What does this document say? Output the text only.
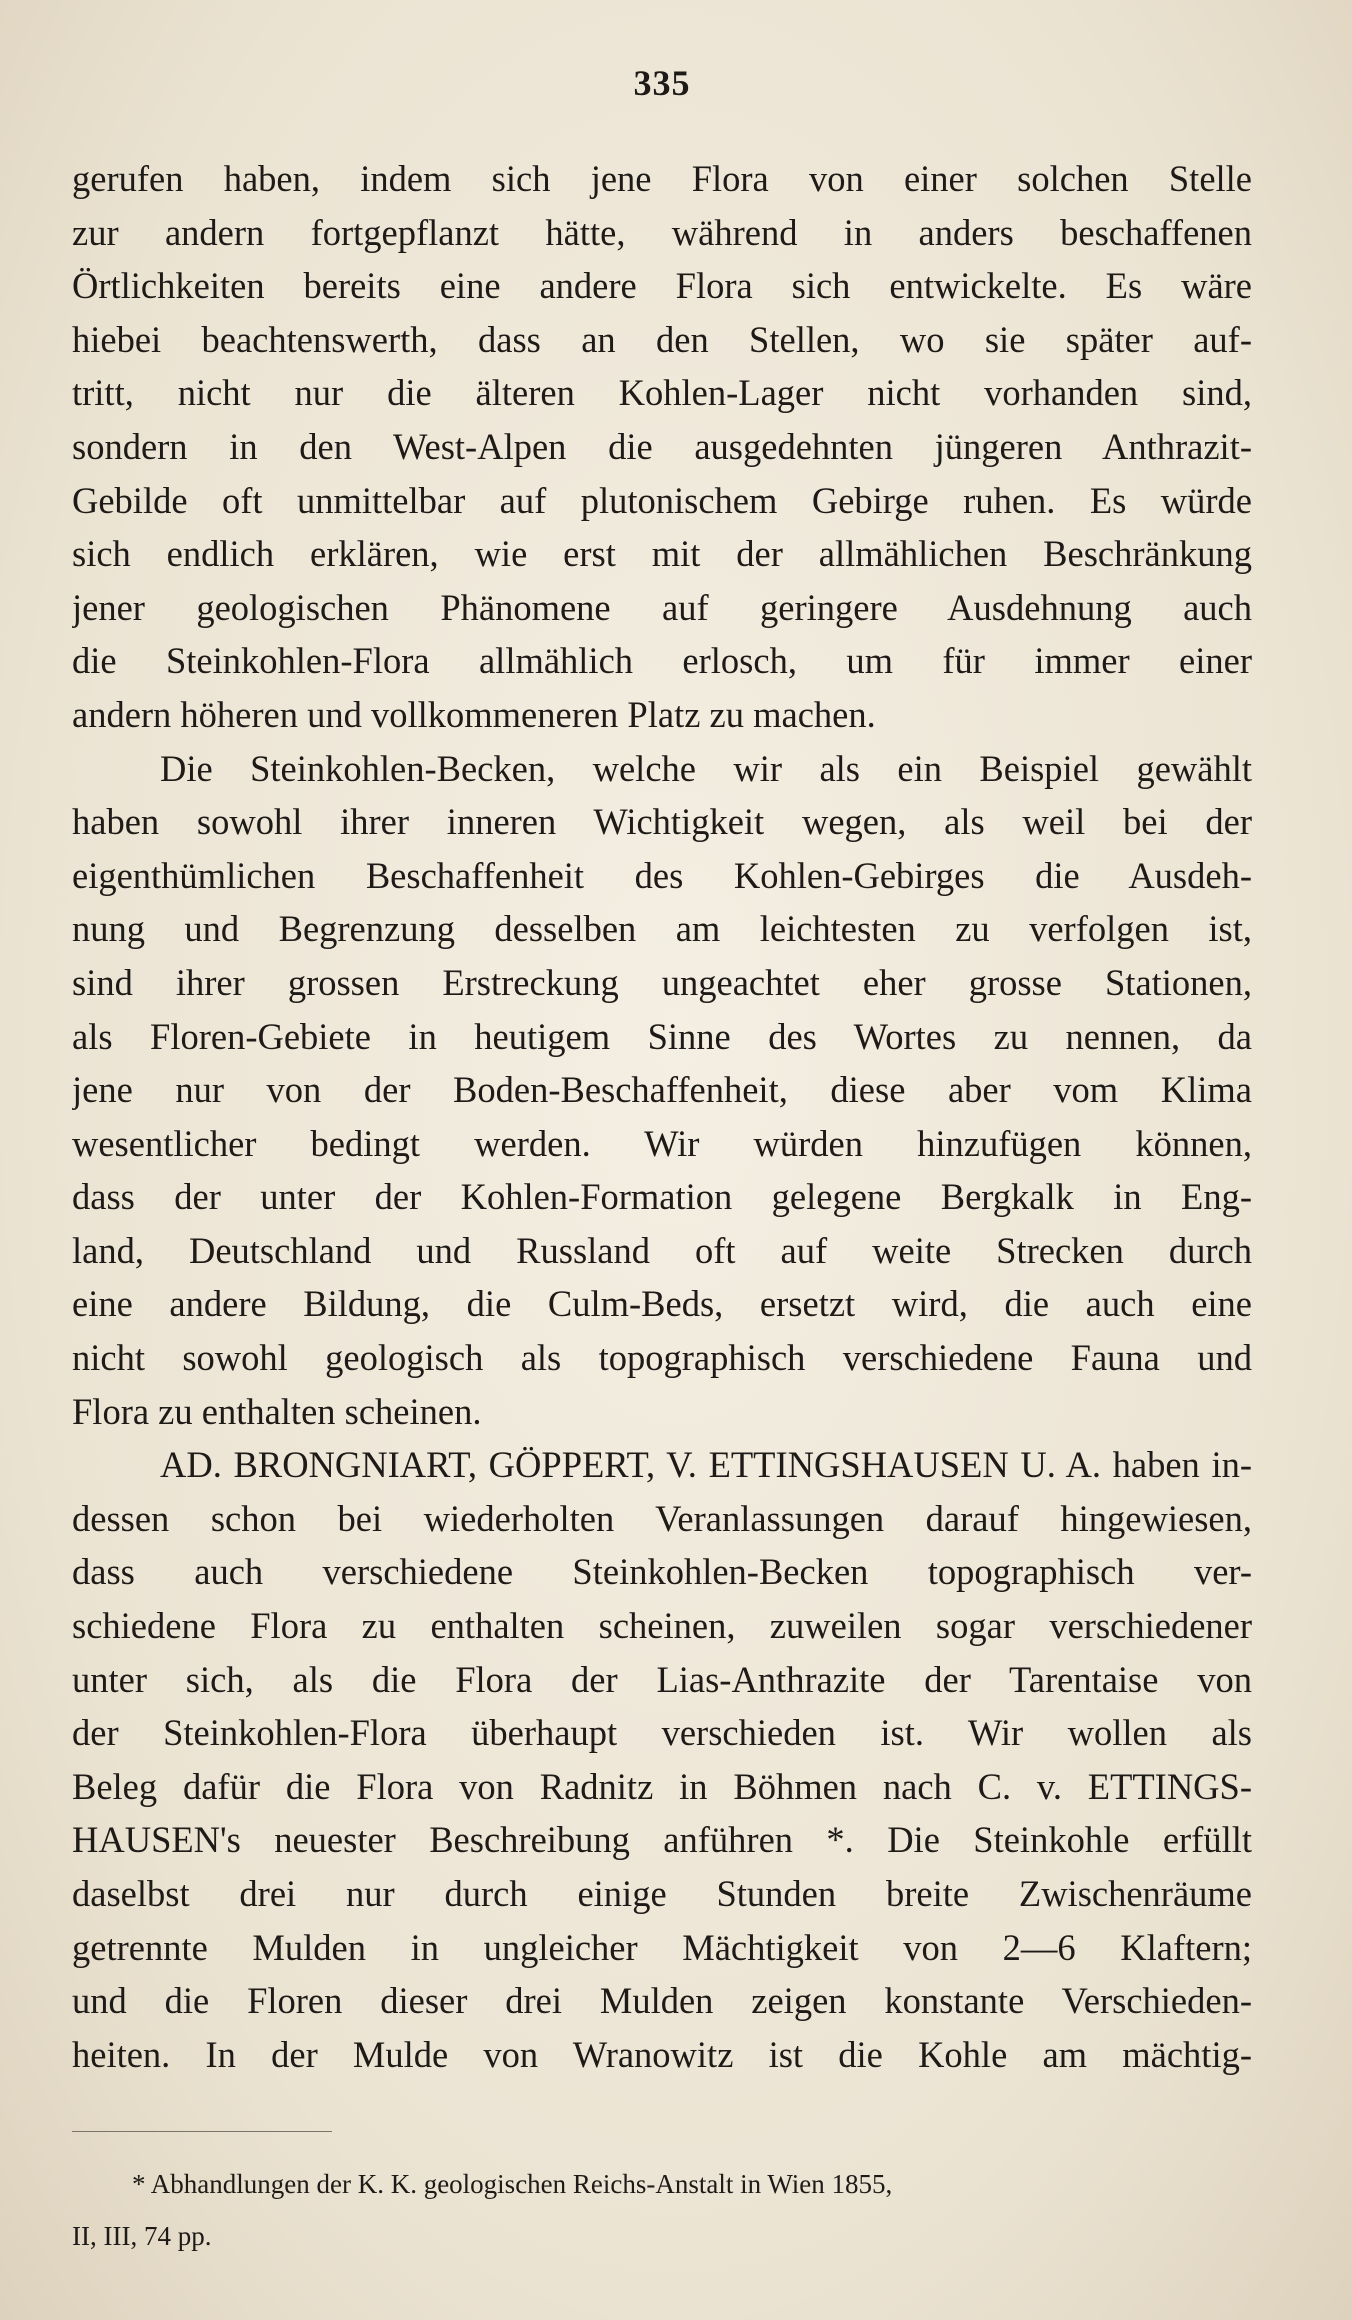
335
gerufen haben, indem sich jene Flora von einer solchen Stelle
zur andern fortgepflanzt hätte, während in anders beschaffenen
Örtlichkeiten bereits eine andere Flora sich entwickelte. Es wäre
hiebei beachtenswerth, dass an den Stellen, wo sie später auf-
tritt, nicht nur die älteren Kohlen-Lager nicht vorhanden sind,
sondern in den West-Alpen die ausgedehnten jüngeren Anthrazit-
Gebilde oft unmittelbar auf plutonischem Gebirge ruhen. Es würde
sich endlich erklären, wie erst mit der allmählichen Beschränkung
jener geologischen Phänomene auf geringere Ausdehnung auch
die Steinkohlen-Flora allmählich erlosch, um für immer einer
andern höheren und vollkommeneren Platz zu machen.
Die Steinkohlen-Becken, welche wir als ein Beispiel gewählt
haben sowohl ihrer inneren Wichtigkeit wegen, als weil bei der
eigenthümlichen Beschaffenheit des Kohlen-Gebirges die Ausdeh-
nung und Begrenzung desselben am leichtesten zu verfolgen ist,
sind ihrer grossen Erstreckung ungeachtet eher grosse Stationen,
als Floren-Gebiete in heutigem Sinne des Wortes zu nennen, da
jene nur von der Boden-Beschaffenheit, diese aber vom Klima
wesentlicher bedingt werden. Wir würden hinzufügen können,
dass der unter der Kohlen-Formation gelegene Bergkalk in Eng-
land, Deutschland und Russland oft auf weite Strecken durch
eine andere Bildung, die Culm-Beds, ersetzt wird, die auch eine
nicht sowohl geologisch als topographisch verschiedene Fauna und
Flora zu enthalten scheinen.
AD. BRONGNIART, GÖPPERT, V. ETTINGSHAUSEN U. A. haben in-
dessen schon bei wiederholten Veranlassungen darauf hingewiesen,
dass auch verschiedene Steinkohlen-Becken topographisch ver-
schiedene Flora zu enthalten scheinen, zuweilen sogar verschiedener
unter sich, als die Flora der Lias-Anthrazite der Tarentaise von
der Steinkohlen-Flora überhaupt verschieden ist. Wir wollen als
Beleg dafür die Flora von Radnitz in Böhmen nach C. v. ETTINGS-
HAUSEN's neuester Beschreibung anführen *. Die Steinkohle erfüllt
daselbst drei nur durch einige Stunden breite Zwischenräume
getrennte Mulden in ungleicher Mächtigkeit von 2—6 Klaftern;
und die Floren dieser drei Mulden zeigen konstante Verschieden-
heiten. In der Mulde von Wranowitz ist die Kohle am mächtig-
* Abhandlungen der K. K. geologischen Reichs-Anstalt in Wien 1855,
II, III, 74 pp.
